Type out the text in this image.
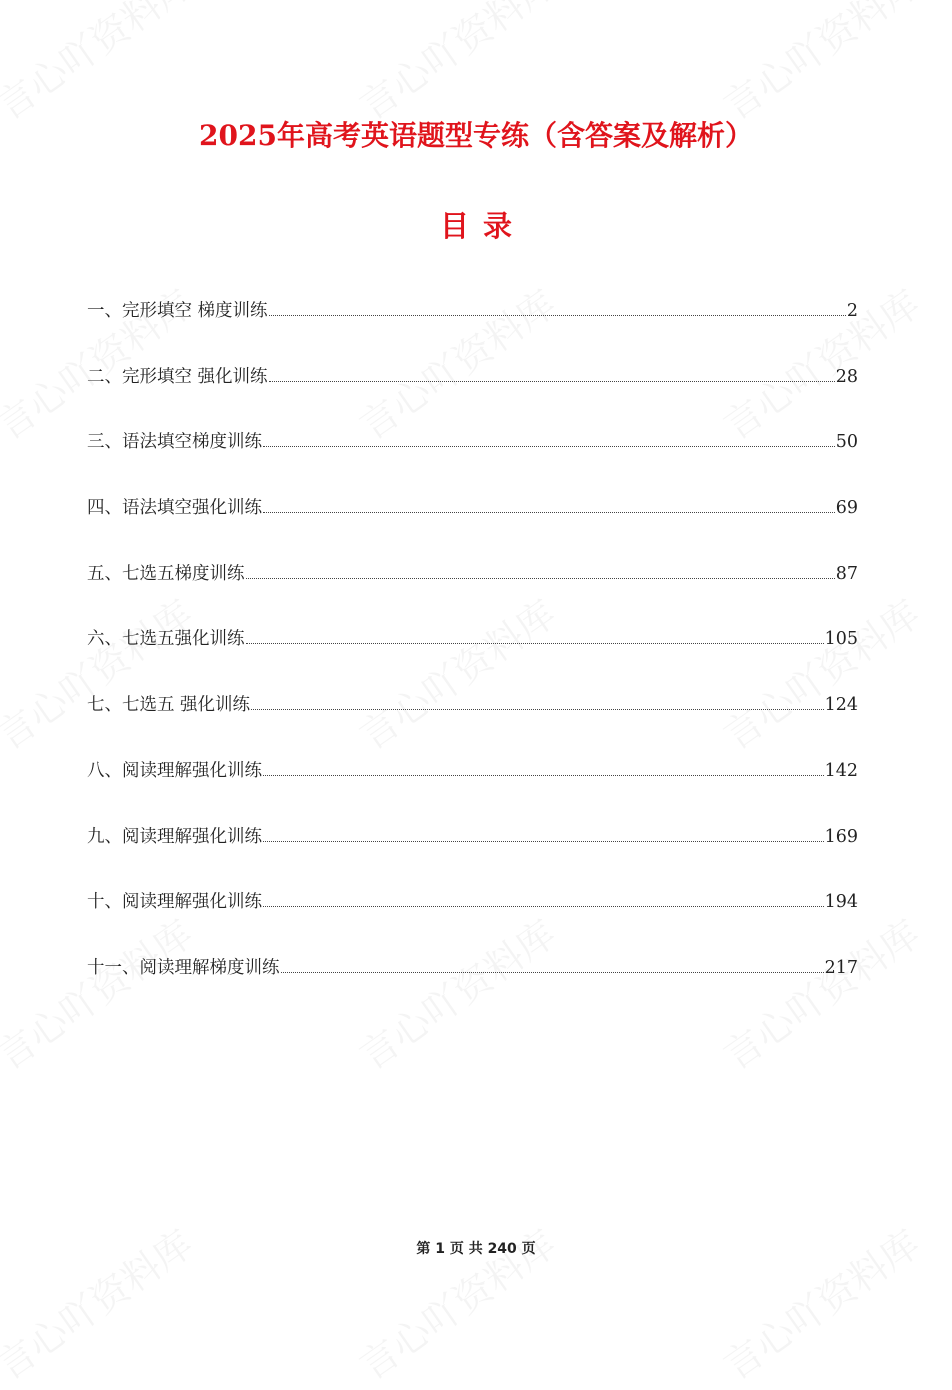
2025年高考英语题型专练（含答案及解析）
目录
一、完形填空 梯度训练	2
二、完形填空 强化训练	28
三、语法填空梯度训练	50
四、语法填空强化训练	69
五、七选五梯度训练	87
六、七选五强化训练	105
七、七选五 强化训练	124
八、阅读理解强化训练	142
九、阅读理解强化训练	169
十、阅读理解强化训练	194
十一、阅读理解梯度训练	217
第 1 页 共 240 页
